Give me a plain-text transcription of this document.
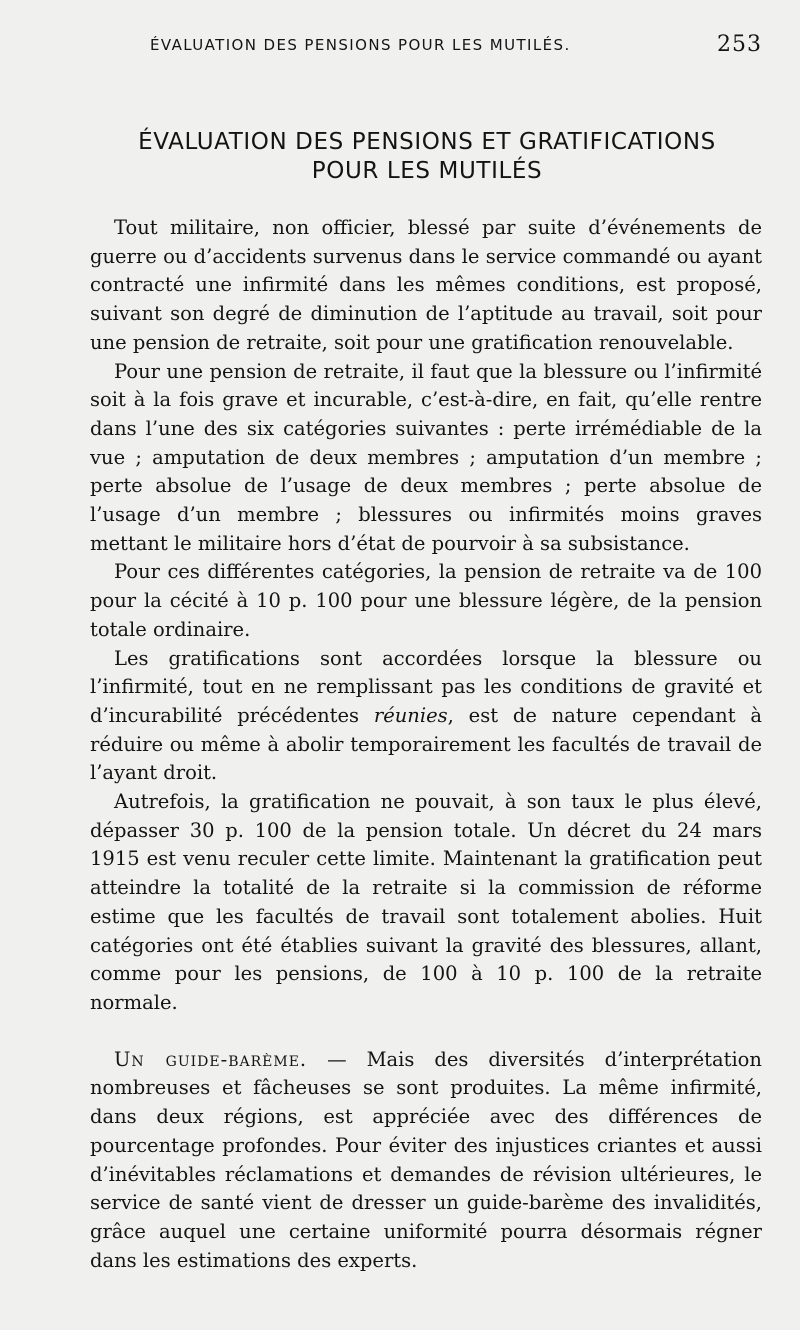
ÉVALUATION DES PENSIONS POUR LES MUTILÉS.	253
ÉVALUATION DES PENSIONS ET GRATIFICATIONS
POUR LES MUTILÉS

Tout militaire, non officier, blessé par suite d’événements de guerre ou d’accidents survenus dans le service commandé ou ayant contracté une infirmité dans les mêmes conditions, est proposé, suivant son degré de diminution de l’aptitude au travail, soit pour une pension de retraite, soit pour une gratification renouvelable.

Pour une pension de retraite, il faut que la blessure ou l’infirmité soit à la fois grave et incurable, c’est-à-dire, en fait, qu’elle rentre dans l’une des six catégories suivantes : perte irrémédiable de la vue ; amputation de deux membres ; amputation d’un membre ; perte absolue de l’usage de deux membres ; perte absolue de l’usage d’un membre ; blessures ou infirmités moins graves mettant le militaire hors d’état de pourvoir à sa subsistance.

Pour ces différentes catégories, la pension de retraite va de 100 pour la cécité à 10 p. 100 pour une blessure légère, de la pension totale ordinaire.

Les gratifications sont accordées lorsque la blessure ou l’infirmité, tout en ne remplissant pas les conditions de gravité et d’incurabilité précédentes réunies, est de nature cependant à réduire ou même à abolir temporairement les facultés de travail de l’ayant droit.

Autrefois, la gratification ne pouvait, à son taux le plus élevé, dépasser 30 p. 100 de la pension totale. Un décret du 24 mars 1915 est venu reculer cette limite. Maintenant la gratification peut atteindre la totalité de la retraite si la commission de réforme estime que les facultés de travail sont totalement abolies. Huit catégories ont été établies suivant la gravité des blessures, allant, comme pour les pensions, de 100 à 10 p. 100 de la retraite normale.

Un guide-barème. — Mais des diversités d’interprétation nombreuses et fâcheuses se sont produites. La même infirmité, dans deux régions, est appréciée avec des différences de pourcentage profondes. Pour éviter des injustices criantes et aussi d’inévitables réclamations et demandes de révision ultérieures, le service de santé vient de dresser un guide-barème des invalidités, grâce auquel une certaine uniformité pourra désormais régner dans les estimations des experts.
